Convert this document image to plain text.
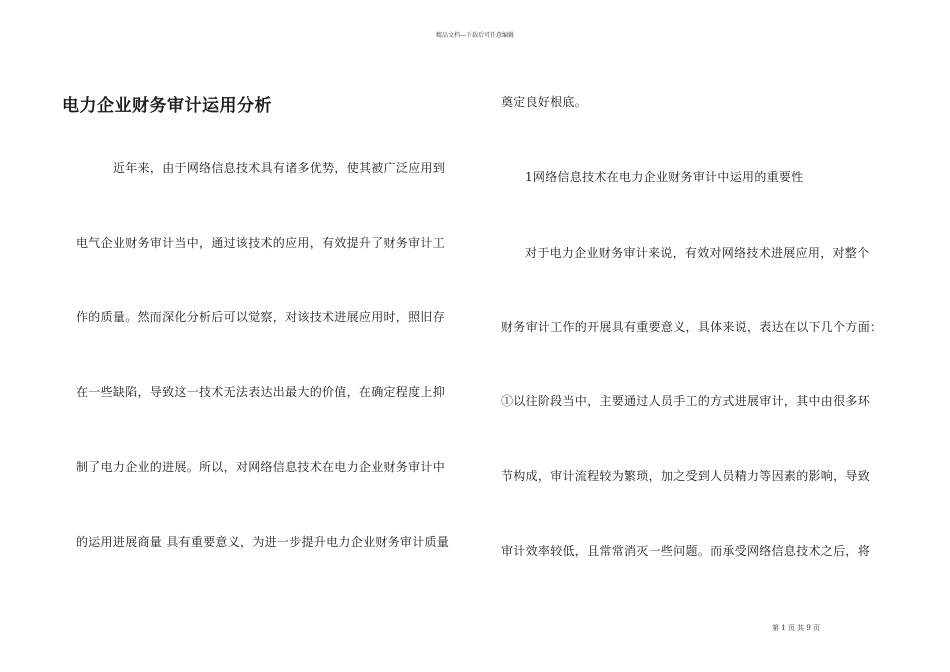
精品文档---下载后可任意编辑
电力企业财务审计运用分析
近年来，由于网络信息技术具有诸多优势，使其被广泛应用到
电气企业财务审计当中，通过该技术的应用，有效提升了财务审计工
作的质量。然而深化分析后可以觉察，对该技术进展应用时，照旧存
在一些缺陷，导致这一技术无法表达出最大的价值，在确定程度上抑
制了电力企业的进展。所以，对网络信息技术在电力企业财务审计中
的运用进展商量 具有重要意义，为进一步提升电力企业财务审计质量
奠定良好根底。
1网络信息技术在电力企业财务审计中运用的重要性
对于电力企业财务审计来说，有效对网络技术进展应用，对整个
财务审计工作的开展具有重要意义，具体来说，表达在以下几个方面：
①以往阶段当中，主要通过人员手工的方式进展审计，其中由很多环
节构成，审计流程较为繁琐，加之受到人员精力等因素的影响，导致
审计效率较低，且常常消灭一些问题。而承受网络信息技术之后，将
第 1 页 共 9 页
